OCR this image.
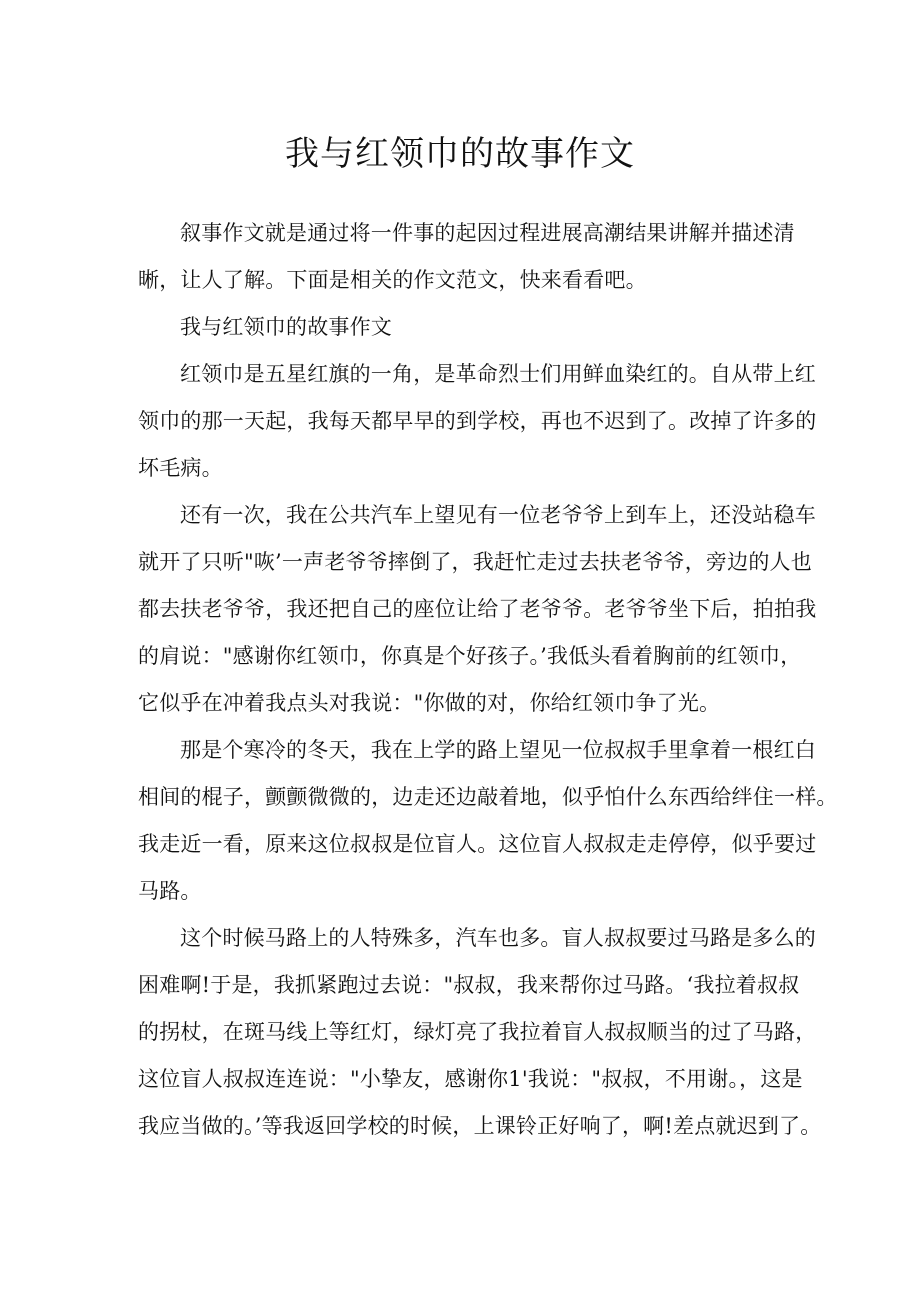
我与红领巾的故事作文
叙事作文就是通过将一件事的起因过程进展高潮结果讲解并描述清
晰，让人了解。下面是相关的作文范文，快来看看吧。
我与红领巾的故事作文
红领巾是五星红旗的一角，是革命烈士们用鲜血染红的。自从带上红
领巾的那一天起，我每天都早早的到学校，再也不迟到了。改掉了许多的
坏毛病。
还有一次，我在公共汽车上望见有一位老爷爷上到车上，还没站稳车
就开了只听"咴’一声老爷爷摔倒了，我赶忙走过去扶老爷爷，旁边的人也
都去扶老爷爷，我还把自己的座位让给了老爷爷。老爷爷坐下后，拍拍我
的肩说："感谢你红领巾，你真是个好孩子。’我低头看着胸前的红领巾，
它似乎在冲着我点头对我说："你做的对，你给红领巾争了光。
那是个寒冷的冬天，我在上学的路上望见一位叔叔手里拿着一根红白
相间的棍子，颤颤微微的，边走还边敲着地，似乎怕什么东西给绊住一样。
我走近一看，原来这位叔叔是位盲人。这位盲人叔叔走走停停，似乎要过
马路。
这个时候马路上的人特殊多，汽车也多。盲人叔叔要过马路是多么的
困难啊!于是，我抓紧跑过去说："叔叔，我来帮你过马路。‘我拉着叔叔
的拐杖，在斑马线上等红灯，绿灯亮了我拉着盲人叔叔顺当的过了马路，
这位盲人叔叔连连说："小挚友，感谢你1'我说："叔叔，不用谢。，这是
我应当做的。’等我返回学校的时候，上课铃正好响了，啊!差点就迟到了。
